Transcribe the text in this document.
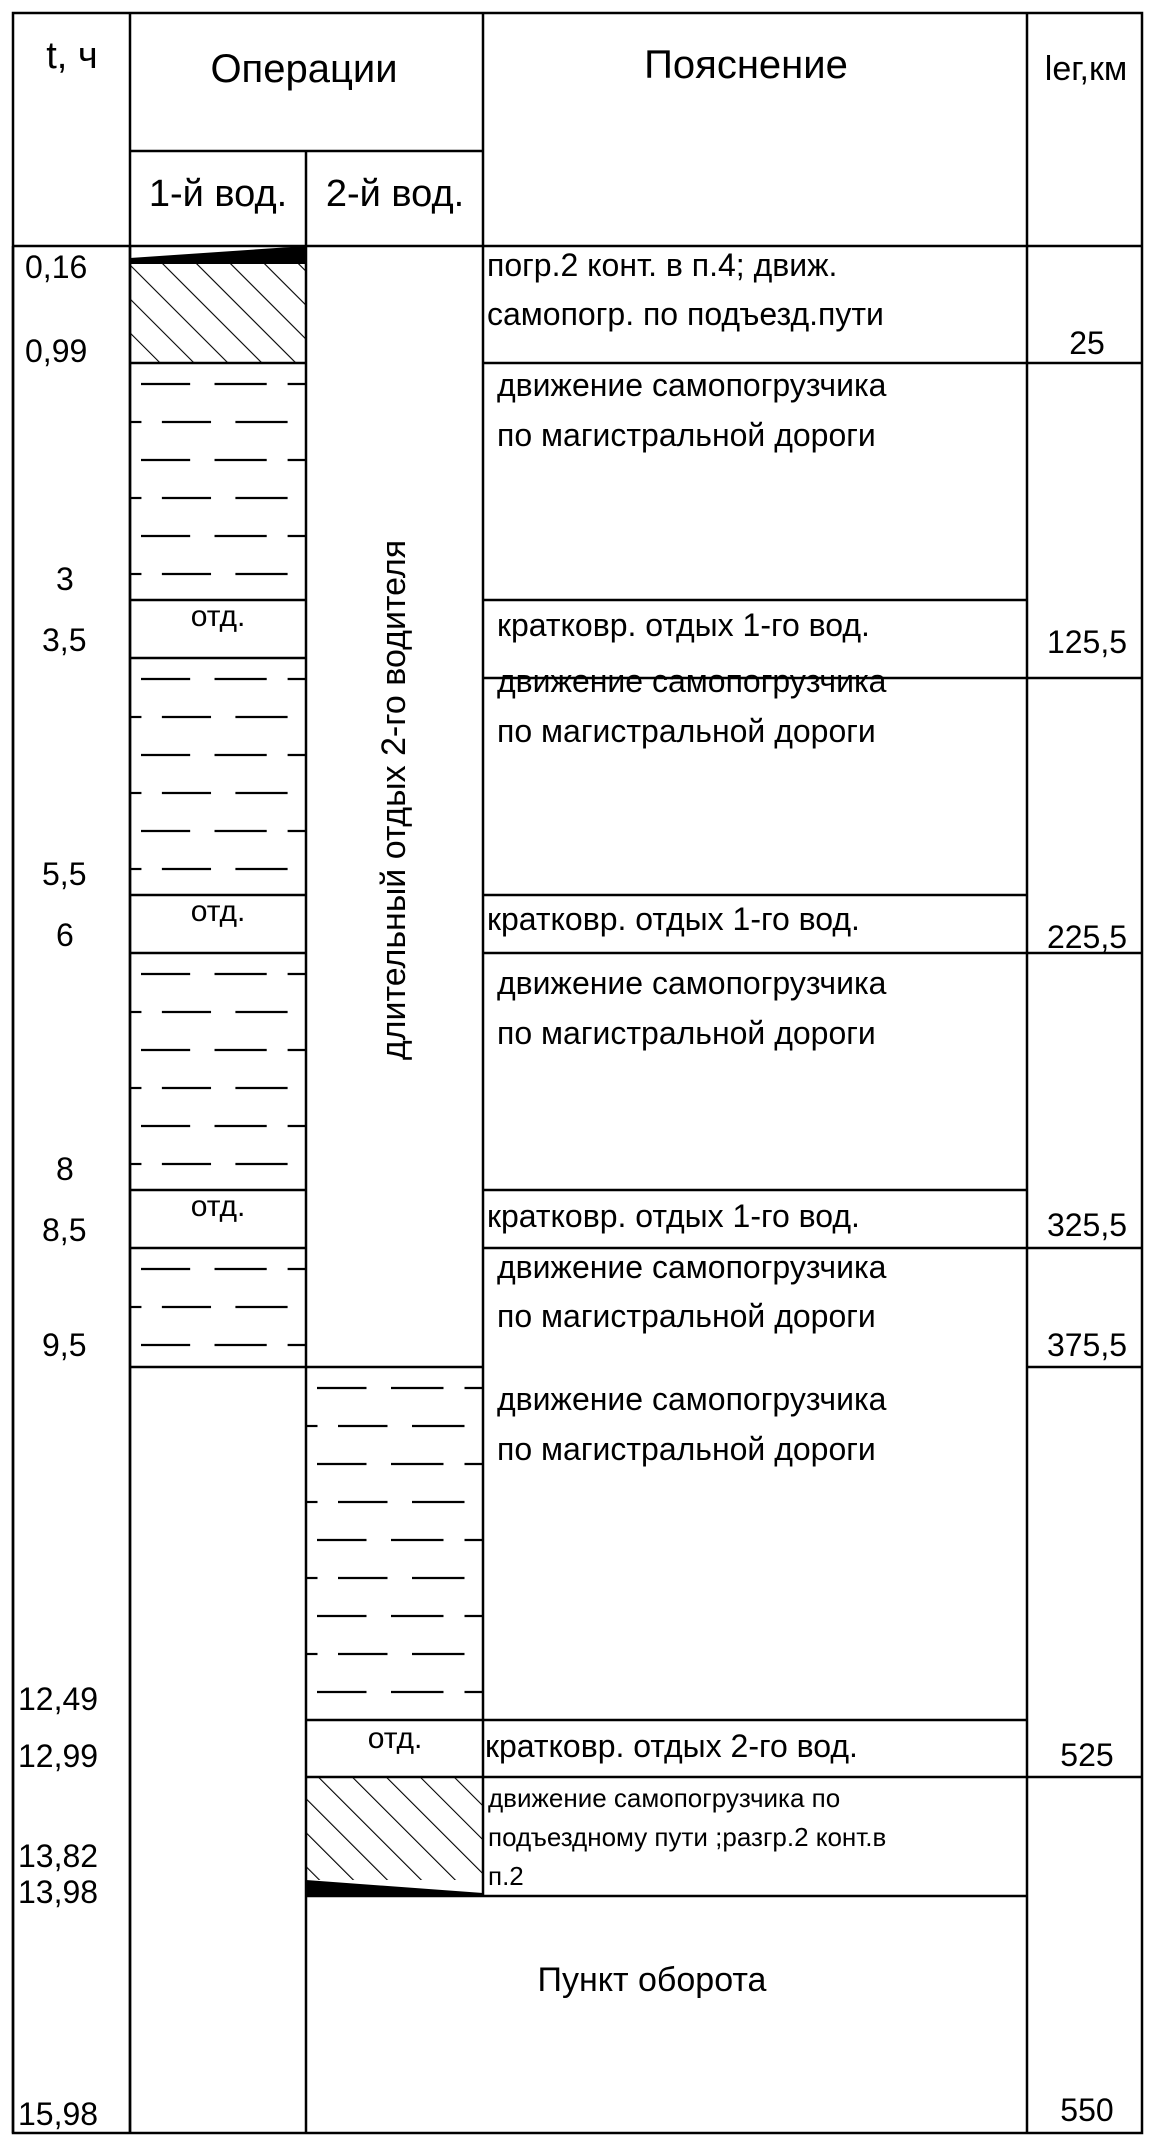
t, ч	Операции
1-й вод. 2-й вод.
Пояснение	lег,км
0,16
0,99
3
3,5
5,5
6
8
8,5
9,5
12,49
12,99
13,82
13,98
15,98
25
125,5
225,5
325,5
375,5
525
550
отд.
отд.
отд.
отд.
длительный отдых 2-го водителя
погр.2 конт. в п.4; движ.
самопогр. по подъезд.пути
движение самопогрузчика
по магистральной дороги
кратковр. отдых 1-го вод.
движение самопогрузчика
по магистральной дороги
кратковр. отдых 1-го вод.
движение самопогрузчика
по магистральной дороги
кратковр. отдых 1-го вод.
движение самопогрузчика
по магистральной дороги
движение самопогрузчика
по магистральной дороги
кратковр. отдых 2-го вод.
движение самопогрузчика по
подъездному пути ;разгр.2 конт.в
п.2
Пункт оборота
